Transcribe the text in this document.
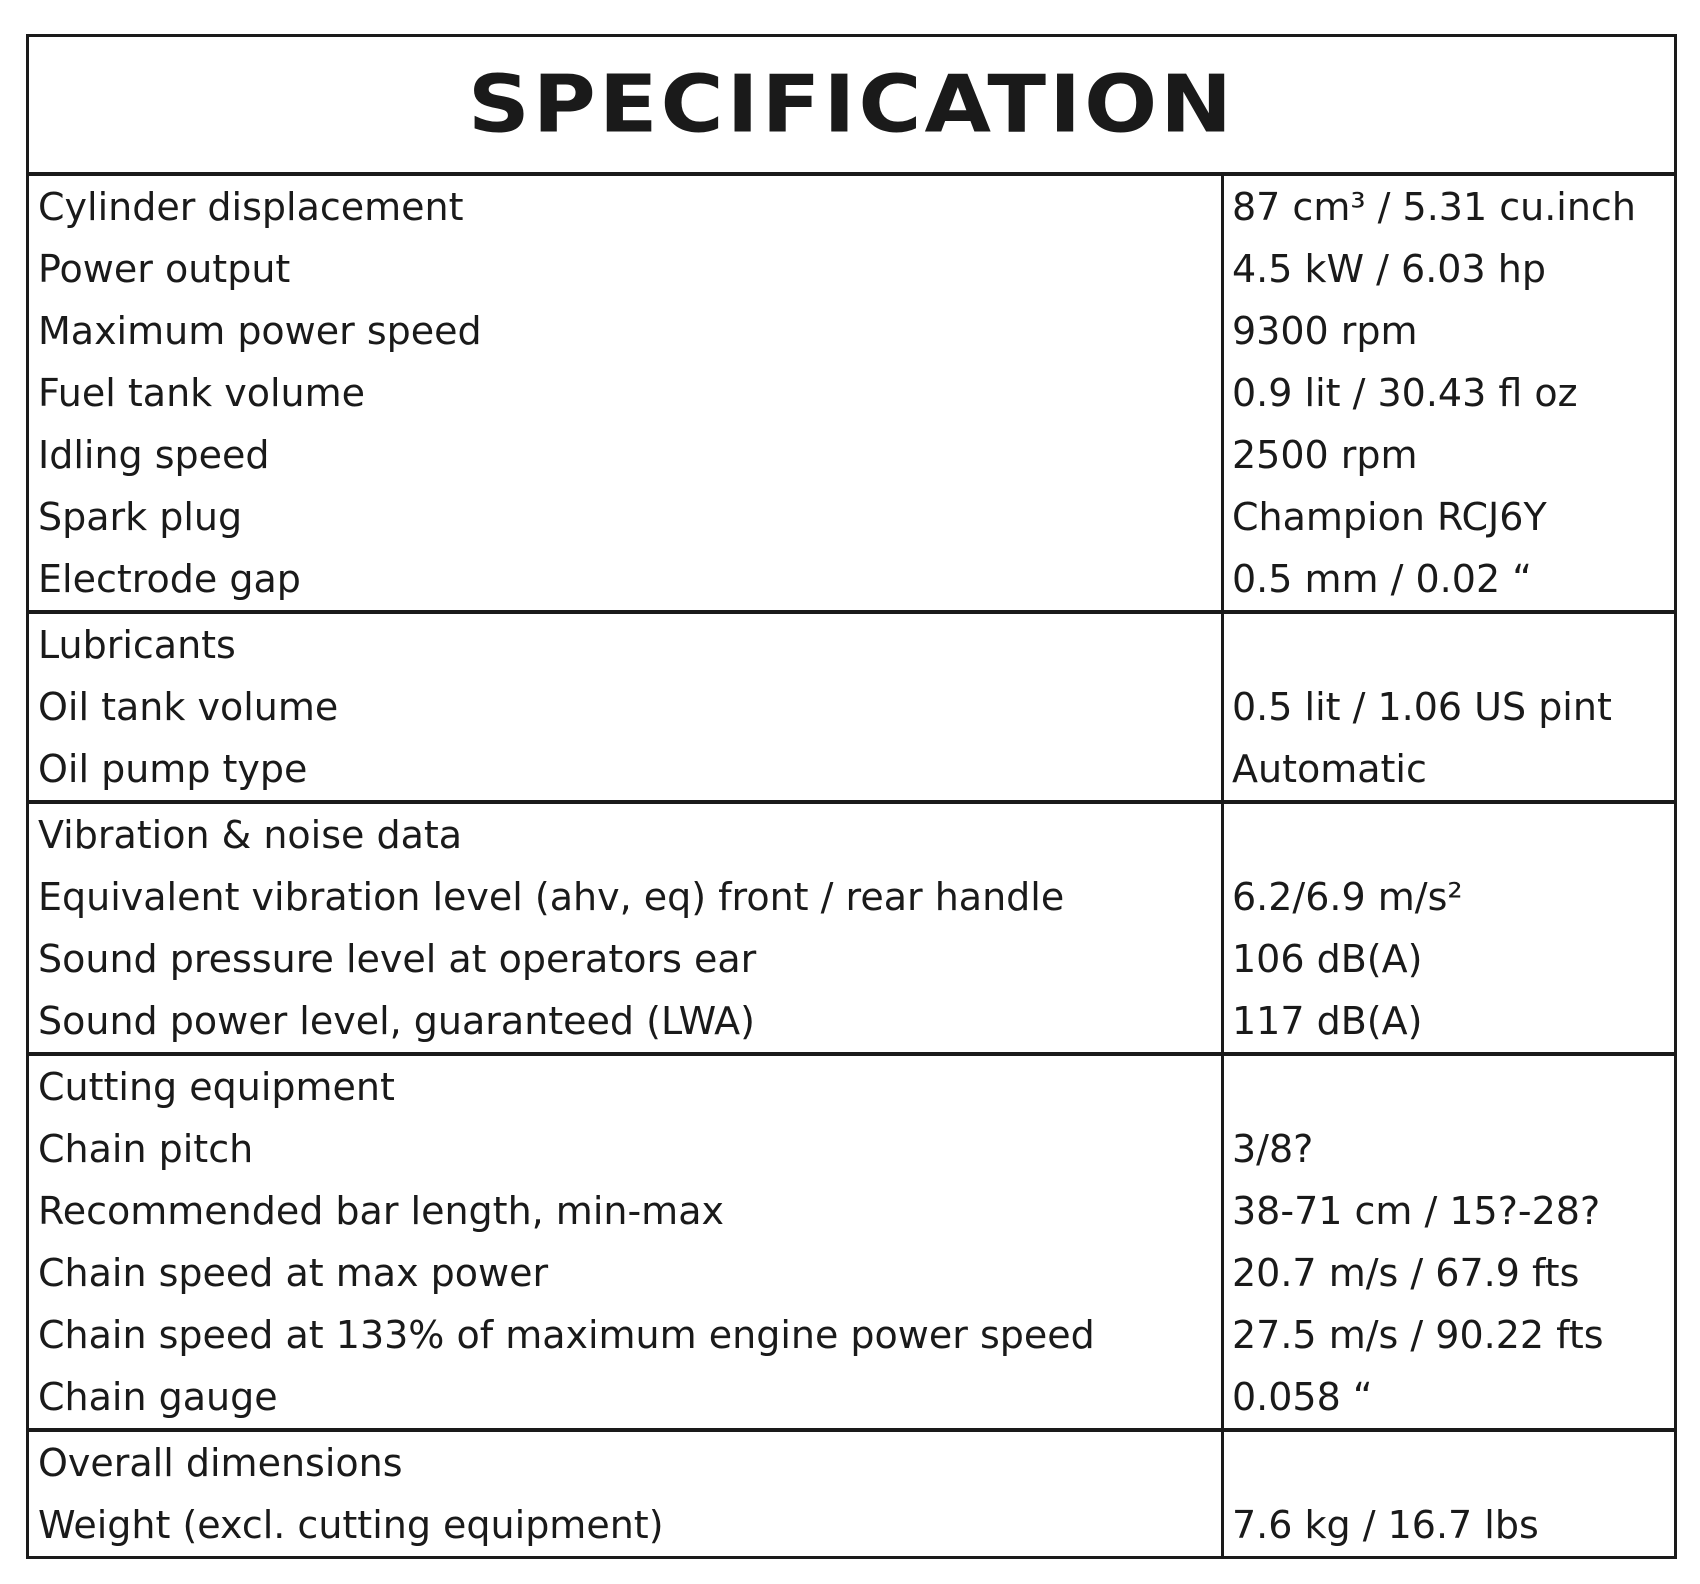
SPECIFICATION
Cylinder displacement
Power output
Maximum power speed
Fuel tank volume
Idling speed
Spark plug
Electrode gap
87 cm³ / 5.31 cu.inch
4.5 kW / 6.03 hp
9300 rpm
0.9 lit / 30.43 fl oz
2500 rpm
Champion RCJ6Y
0.5 mm / 0.02 “
Lubricants
Oil tank volume
Oil pump type
0.5 lit / 1.06 US pint
Automatic
Vibration & noise data
Equivalent vibration level (ahv, eq) front / rear handle
Sound pressure level at operators ear
Sound power level, guaranteed (LWA)
6.2/6.9 m/s²
106 dB(A)
117 dB(A)
Cutting equipment
Chain pitch
Recommended bar length, min-max
Chain speed at max power
Chain speed at 133% of maximum engine power speed
Chain gauge
3/8?
38-71 cm / 15?-28?
20.7 m/s / 67.9 fts
27.5 m/s / 90.22 fts
0.058 “
Overall dimensions
Weight (excl. cutting equipment)	7.6 kg / 16.7 lbs
